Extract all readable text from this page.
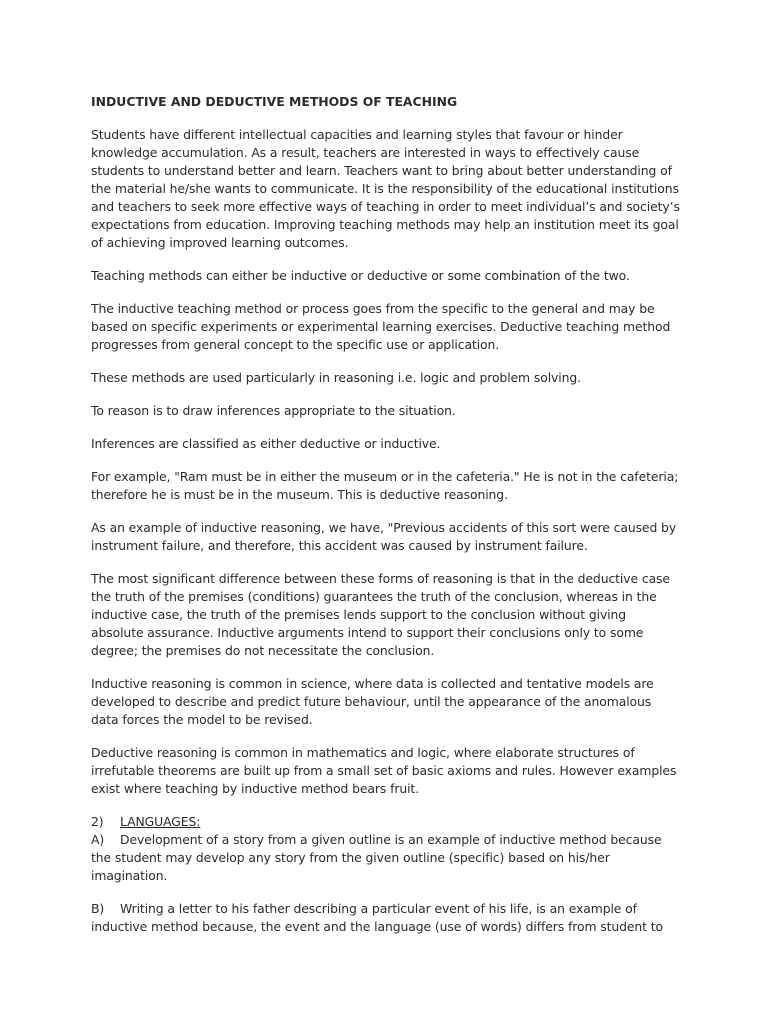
INDUCTIVE AND DEDUCTIVE METHODS OF TEACHING

Students have different intellectual capacities and learning styles that favour or hinder knowledge accumulation. As a result, teachers are interested in ways to effectively cause students to understand better and learn. Teachers want to bring about better understanding of the material he/she wants to communicate. It is the responsibility of the educational institutions and teachers to seek more effective ways of teaching in order to meet individual’s and society’s expectations from education. Improving teaching methods may help an institution meet its goal of achieving improved learning outcomes.

Teaching methods can either be inductive or deductive or some combination of the two.

The inductive teaching method or process goes from the specific to the general and may be based on specific experiments or experimental learning exercises. Deductive teaching method progresses from general concept to the specific use or application.

These methods are used particularly in reasoning i.e. logic and problem solving.

To reason is to draw inferences appropriate to the situation.

Inferences are classified as either deductive or inductive.

For example, "Ram must be in either the museum or in the cafeteria." He is not in the cafeteria; therefore he is must be in the museum. This is deductive reasoning.

As an example of inductive reasoning, we have, "Previous accidents of this sort were caused by instrument failure, and therefore, this accident was caused by instrument failure.

The most significant difference between these forms of reasoning is that in the deductive case the truth of the premises (conditions) guarantees the truth of the conclusion, whereas in the inductive case, the truth of the premises lends support to the conclusion without giving absolute assurance. Inductive arguments intend to support their conclusions only to some degree; the premises do not necessitate the conclusion.

Inductive reasoning is common in science, where data is collected and tentative models are developed to describe and predict future behaviour, until the appearance of the anomalous data forces the model to be revised.

Deductive reasoning is common in mathematics and logic, where elaborate structures of irrefutable theorems are built up from a small set of basic axioms and rules. However examples exist where teaching by inductive method bears fruit.

2) LANGUAGES:

A) Development of a story from a given outline is an example of inductive method because the student may develop any story from the given outline (specific) based on his/her imagination.

B) Writing a letter to his father describing a particular event of his life, is an example of inductive method because, the event and the language (use of words) differs from student to
